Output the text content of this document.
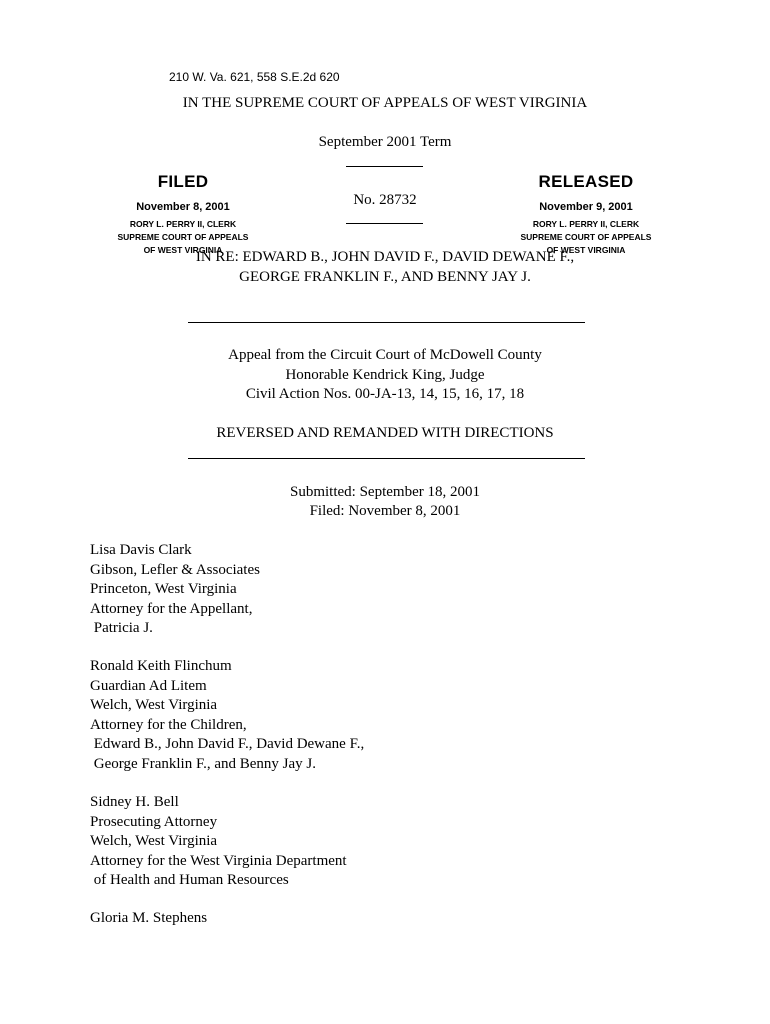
210 W. Va. 621, 558 S.E.2d 620
IN THE SUPREME COURT OF APPEALS OF WEST VIRGINIA
September 2001 Term
FILED
November 8, 2001
RORY L. PERRY II, CLERK
SUPREME COURT OF APPEALS
OF WEST VIRGINIA
No. 28732
RELEASED
November 9, 2001
RORY L. PERRY II, CLERK
SUPREME COURT OF APPEALS
OF WEST VIRGINIA
IN RE: EDWARD B., JOHN DAVID F., DAVID DEWANE F.,
GEORGE FRANKLIN F., AND BENNY JAY J.
Appeal from the Circuit Court of McDowell County
Honorable Kendrick King, Judge
Civil Action Nos. 00-JA-13, 14, 15, 16, 17, 18
REVERSED AND REMANDED WITH DIRECTIONS
Submitted: September 18, 2001
Filed: November 8, 2001
Lisa Davis Clark
Gibson, Lefler & Associates
Princeton, West Virginia
Attorney for the Appellant,
Patricia J.
Ronald Keith Flinchum
Guardian Ad Litem
Welch, West Virginia
Attorney for the Children,
Edward B., John David F., David Dewane F.,
George Franklin F., and Benny Jay J.
Sidney H. Bell
Prosecuting Attorney
Welch, West Virginia
Attorney for the West Virginia Department
of Health and Human Resources
Gloria M. Stephens
